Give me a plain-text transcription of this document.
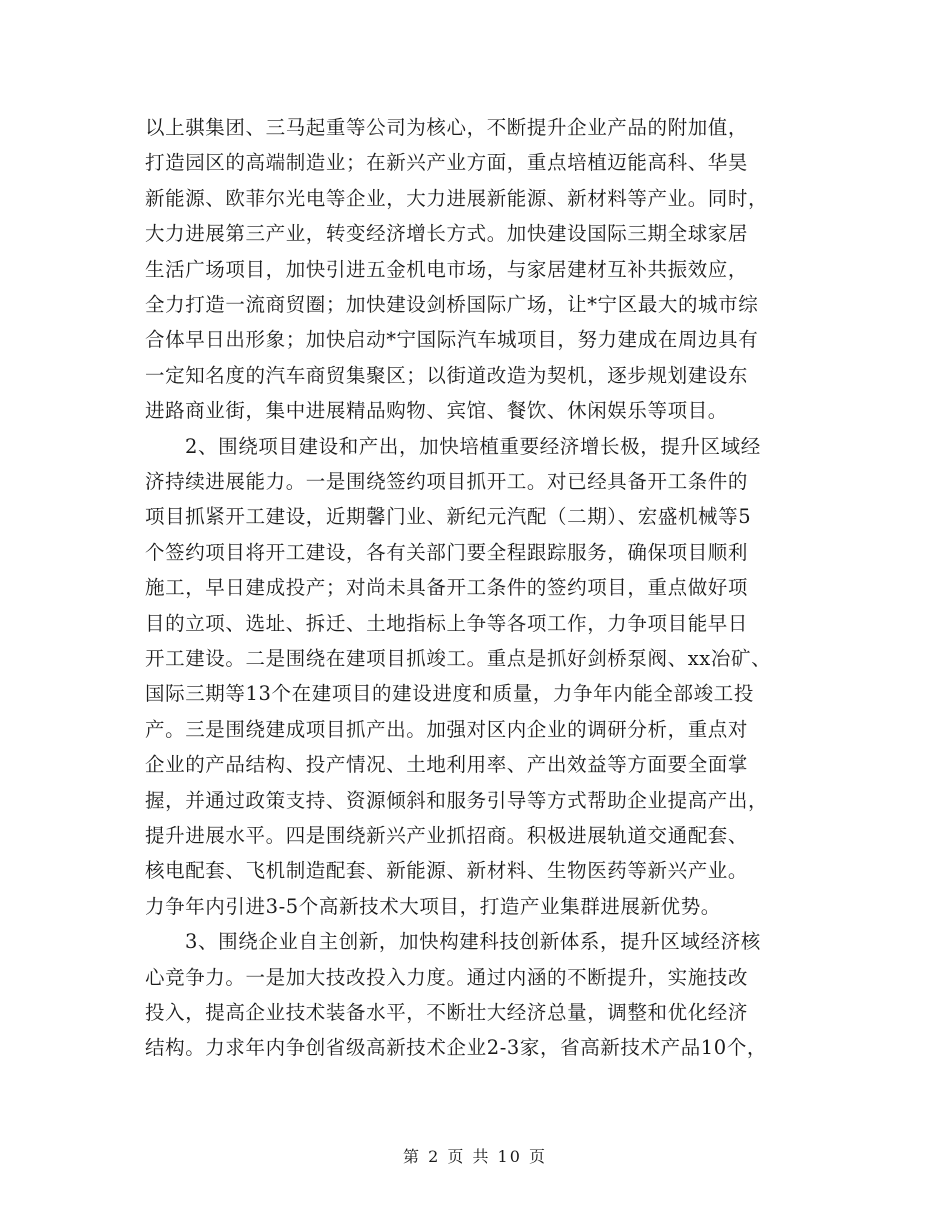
以上骐集团、三马起重等公司为核心，不断提升企业产品的附加值，
打造园区的高端制造业；在新兴产业方面，重点培植迈能高科、华昊
新能源、欧菲尔光电等企业，大力进展新能源、新材料等产业。同时，
大力进展第三产业，转变经济增长方式。加快建设国际三期全球家居
生活广场项目，加快引进五金机电市场，与家居建材互补共振效应，
全力打造一流商贸圈；加快建设剑桥国际广场，让*宁区最大的城市综
合体早日出形象；加快启动*宁国际汽车城项目，努力建成在周边具有
一定知名度的汽车商贸集聚区；以街道改造为契机，逐步规划建设东
进路商业街，集中进展精品购物、宾馆、餐饮、休闲娱乐等项目。
2、围绕项目建设和产出，加快培植重要经济增长极，提升区域经
济持续进展能力。一是围绕签约项目抓开工。对已经具备开工条件的
项目抓紧开工建设，近期馨门业、新纪元汽配（二期）、宏盛机械等5
个签约项目将开工建设，各有关部门要全程跟踪服务，确保项目顺利
施工，早日建成投产；对尚未具备开工条件的签约项目，重点做好项
目的立项、选址、拆迁、土地指标上争等各项工作，力争项目能早日
开工建设。二是围绕在建项目抓竣工。重点是抓好剑桥泵阀、xx冶矿、
国际三期等13个在建项目的建设进度和质量，力争年内能全部竣工投
产。三是围绕建成项目抓产出。加强对区内企业的调研分析，重点对
企业的产品结构、投产情况、土地利用率、产出效益等方面要全面掌
握，并通过政策支持、资源倾斜和服务引导等方式帮助企业提高产出，
提升进展水平。四是围绕新兴产业抓招商。积极进展轨道交通配套、
核电配套、飞机制造配套、新能源、新材料、生物医药等新兴产业。
力争年内引进3-5个高新技术大项目，打造产业集群进展新优势。
3、围绕企业自主创新，加快构建科技创新体系，提升区域经济核
心竞争力。一是加大技改投入力度。通过内涵的不断提升，实施技改
投入，提高企业技术装备水平，不断壮大经济总量，调整和优化经济
结构。力求年内争创省级高新技术企业2-3家，省高新技术产品10个，
第 2 页 共 10 页
